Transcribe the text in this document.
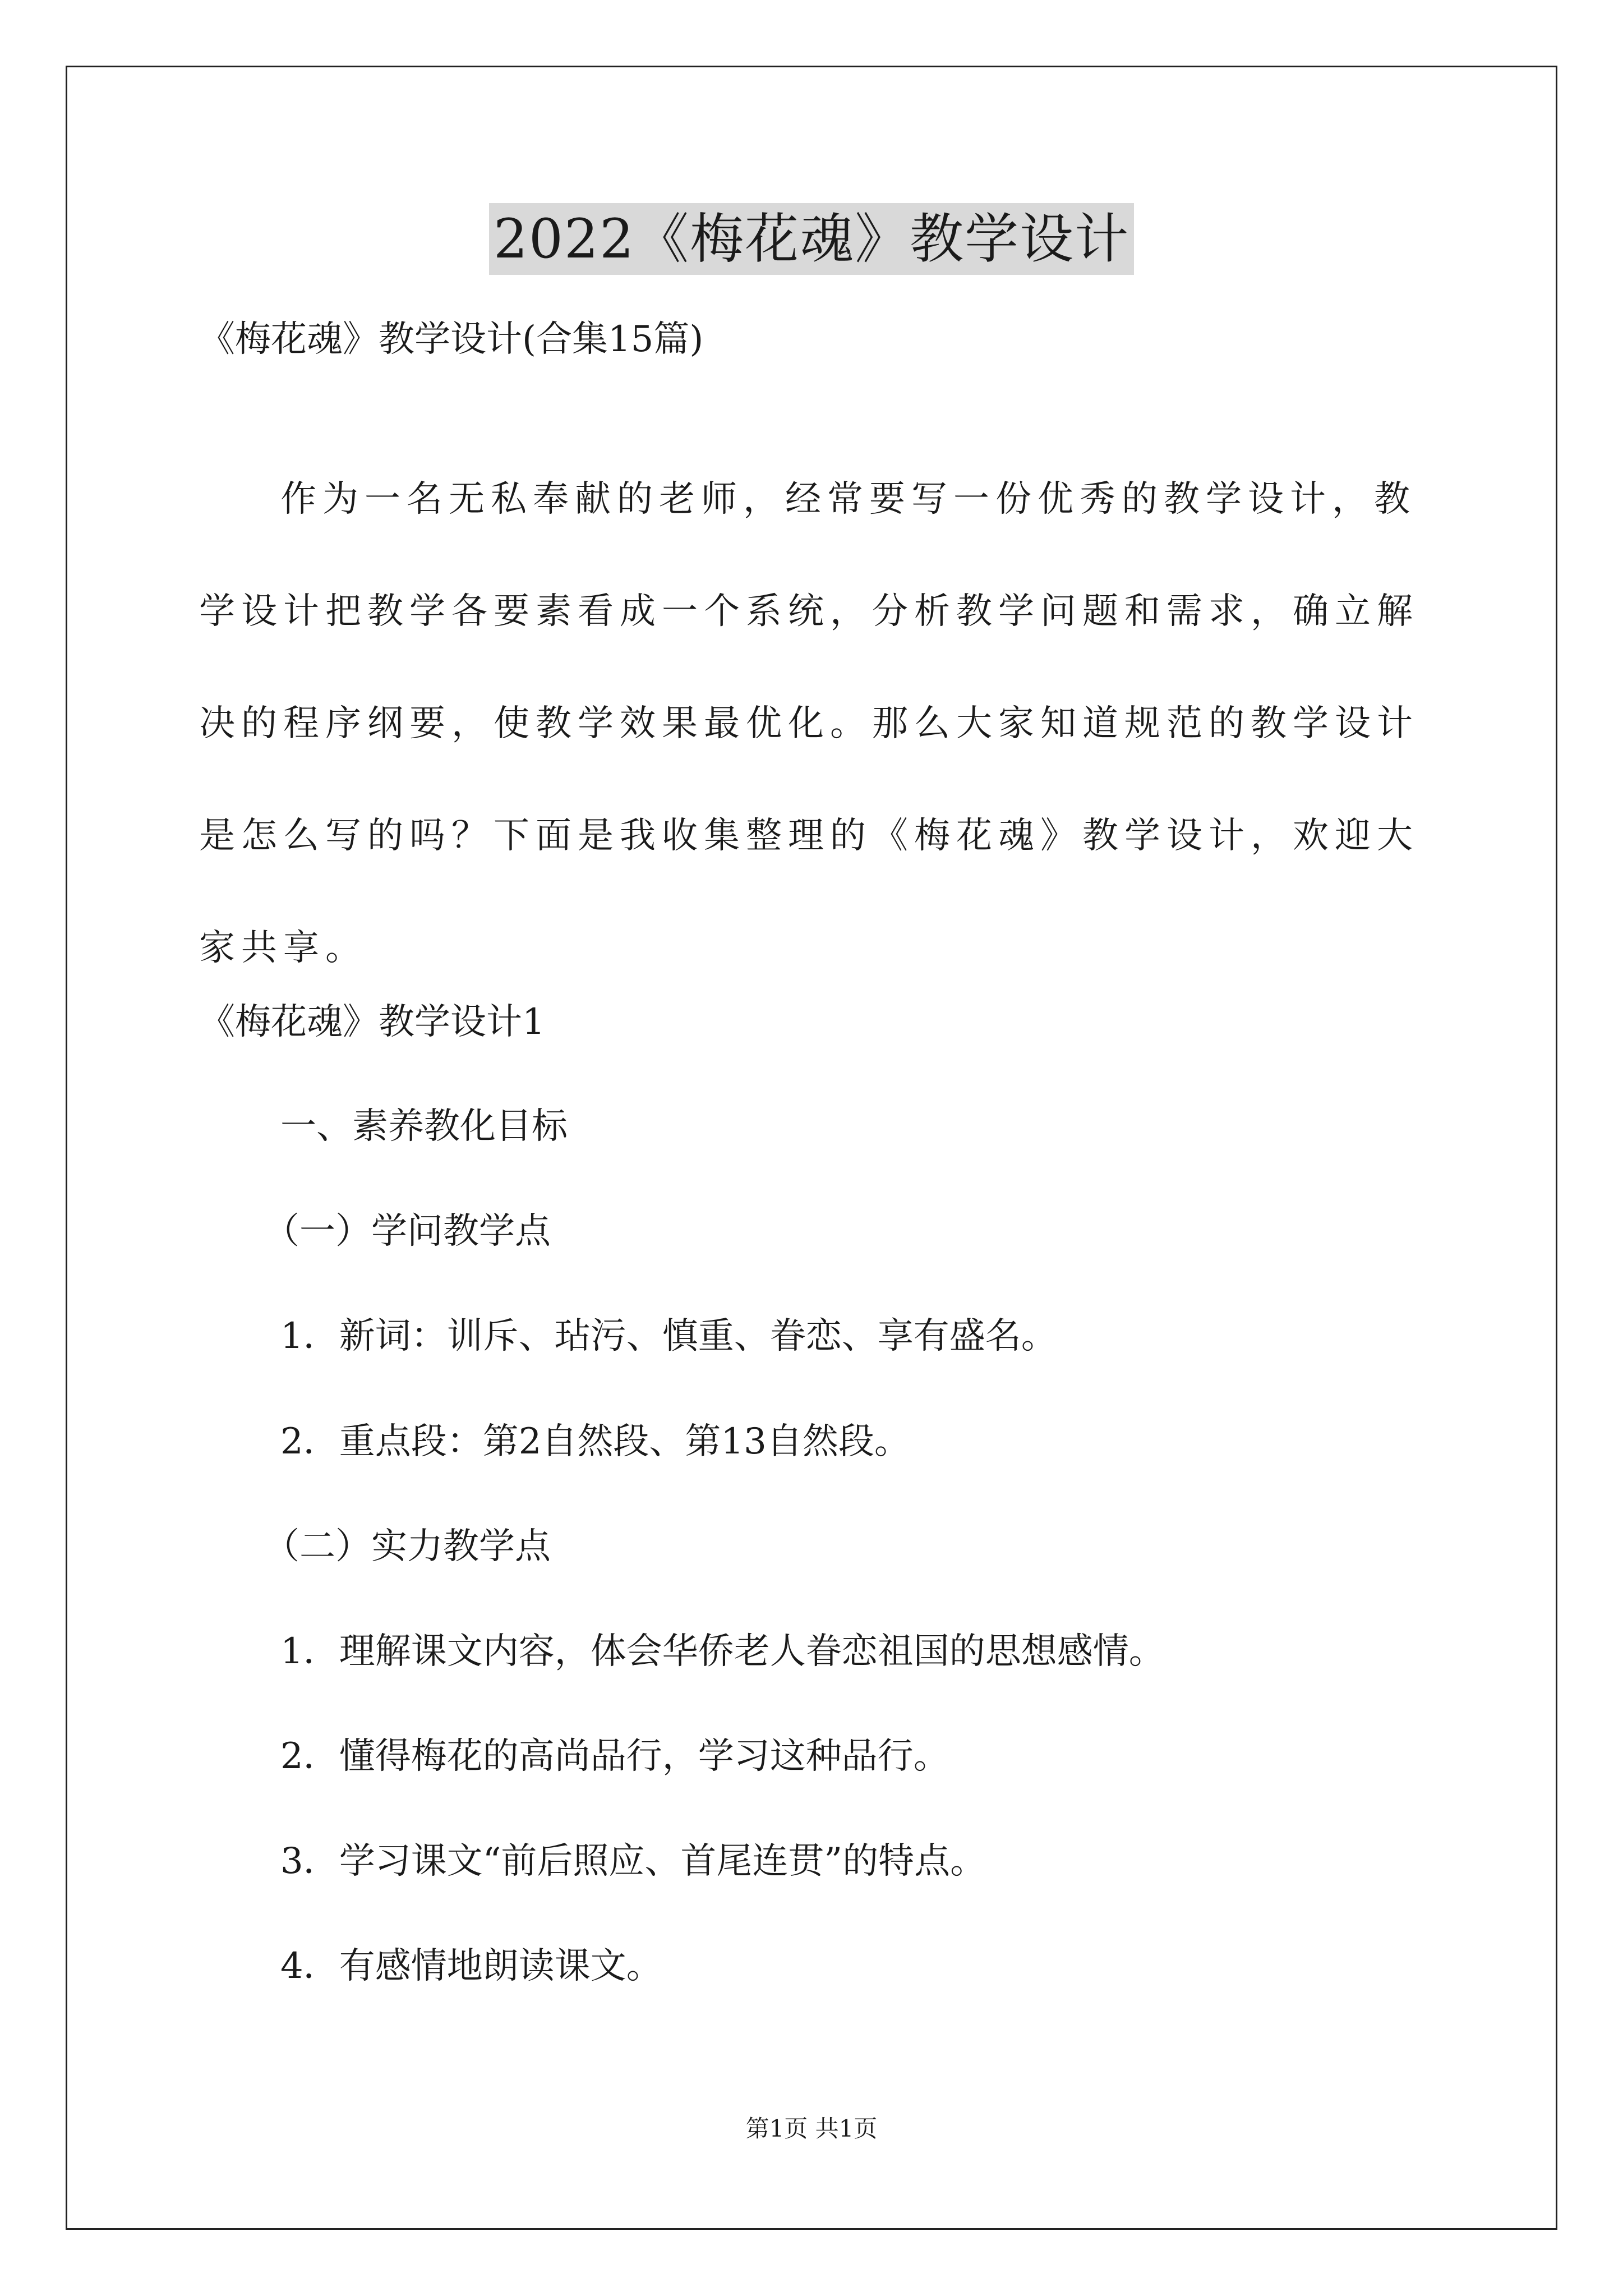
2022《梅花魂》教学设计
《梅花魂》教学设计(合集15篇)
作为一名无私奉献的老师，经常要写一份优秀的教学设计，教学设计把教学各要素看成一个系统，分析教学问题和需求，确立解决的程序纲要，使教学效果最优化。那么大家知道规范的教学设计是怎么写的吗？下面是我收集整理的《梅花魂》教学设计，欢迎大家共享。
《梅花魂》教学设计1
一、素养教化目标
（一）学问教学点
1．新词：训斥、玷污、慎重、眷恋、享有盛名。
2．重点段：第2自然段、第13自然段。
（二）实力教学点
1．理解课文内容，体会华侨老人眷恋祖国的思想感情。
2．懂得梅花的高尚品行，学习这种品行。
3．学习课文“前后照应、首尾连贯”的特点。
4．有感情地朗读课文。
第1页 共1页
